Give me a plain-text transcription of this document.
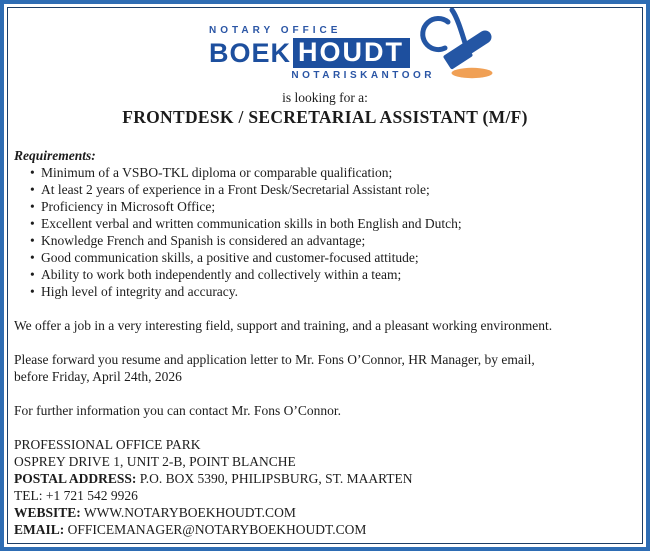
NOTARY OFFICE
BOEK HOUDT
NOTARISKANTOOR
is looking for a:
FRONTDESK / SECRETARIAL ASSISTANT (M/F)
Requirements:
• Minimum of a VSBO-TKL diploma or comparable qualification;
• At least 2 years of experience in a Front Desk/Secretarial Assistant role;
• Proficiency in Microsoft Office;
• Excellent verbal and written communication skills in both English and Dutch;
• Knowledge French and Spanish is considered an advantage;
• Good communication skills, a positive and customer-focused attitude;
• Ability to work both independently and collectively within a team;
• High level of integrity and accuracy.
We offer a job in a very interesting field, support and training, and a pleasant working environment.
Please forward you resume and application letter to Mr. Fons O’Connor, HR Manager, by email,
before Friday, April 24th, 2026
For further information you can contact Mr. Fons O’Connor.
PROFESSIONAL OFFICE PARK
OSPREY DRIVE 1, UNIT 2-B, POINT BLANCHE
POSTAL ADDRESS: P.O. BOX 5390, PHILIPSBURG, ST. MAARTEN
TEL: +1 721 542 9926
WEBSITE: WWW.NOTARYBOEKHOUDT.COM
EMAIL: OFFICEMANAGER@NOTARYBOEKHOUDT.COM
